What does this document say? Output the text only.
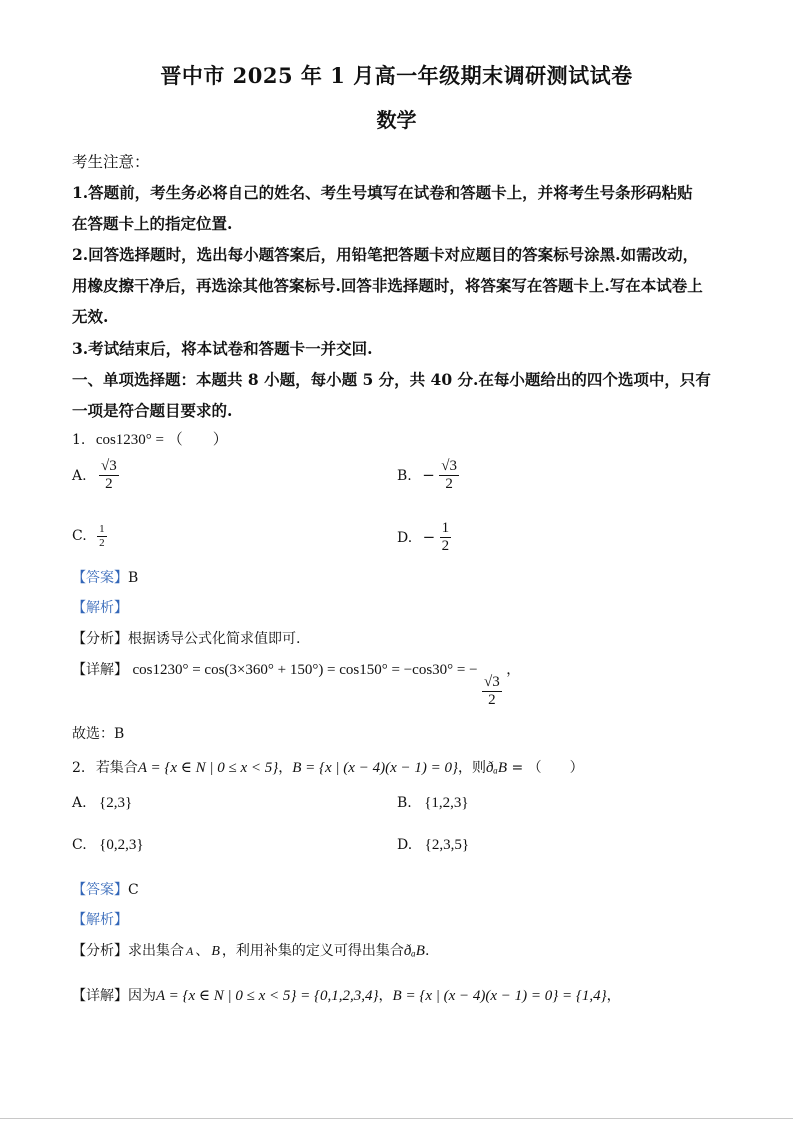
晋中市 2025 年 1 月高一年级期末调研测试试卷
数学
考生注意：
1.答题前，考生务必将自己的姓名、考生号填写在试卷和答题卡上，并将考生号条形码粘贴
在答题卡上的指定位置.
2.回答选择题时，选出每小题答案后，用铅笔把答题卡对应题目的答案标号涂黑.如需改动，
用橡皮擦干净后，再选涂其他答案标号.回答非选择题时，将答案写在答题卡上.写在本试卷上
无效.
3.考试结束后，将本试卷和答题卡一并交回.
一、单项选择题：本题共 8 小题，每小题 5 分，共 40 分.在每小题给出的四个选项中，只有
一项是符合题目要求的.
1. cos1230° = （　　）
A. $\frac{√3}{2}$	B. − $\frac{√3}{2}$
C. $\frac{1}{2}$	D. − $\frac{1}{2}$
【答案】B
【解析】
【分析】根据诱导公式化简求值即可.
【详解】 cos1230° = cos(3×360° + 150°) = cos150° = −cos30° = −
$\frac{√3}{2}$
，
故选：B
2. 若集合A = {x ∈ N | 0 ≤ x < 5}，B = {x | (x − 4)(x − 1) = 0}，则ðₐB = （　　）
A. {2,3}	B. {1,2,3}
C. {0,2,3}	D. {2,3,5}
【答案】C
【解析】
【分析】求出集合 A 、 B ，利用补集的定义可得出集合ðₐB.
【详解】因为A = {x ∈ N | 0 ≤ x < 5} = {0,1,2,3,4}，B = {x | (x − 4)(x − 1) = 0} = {1,4}，
